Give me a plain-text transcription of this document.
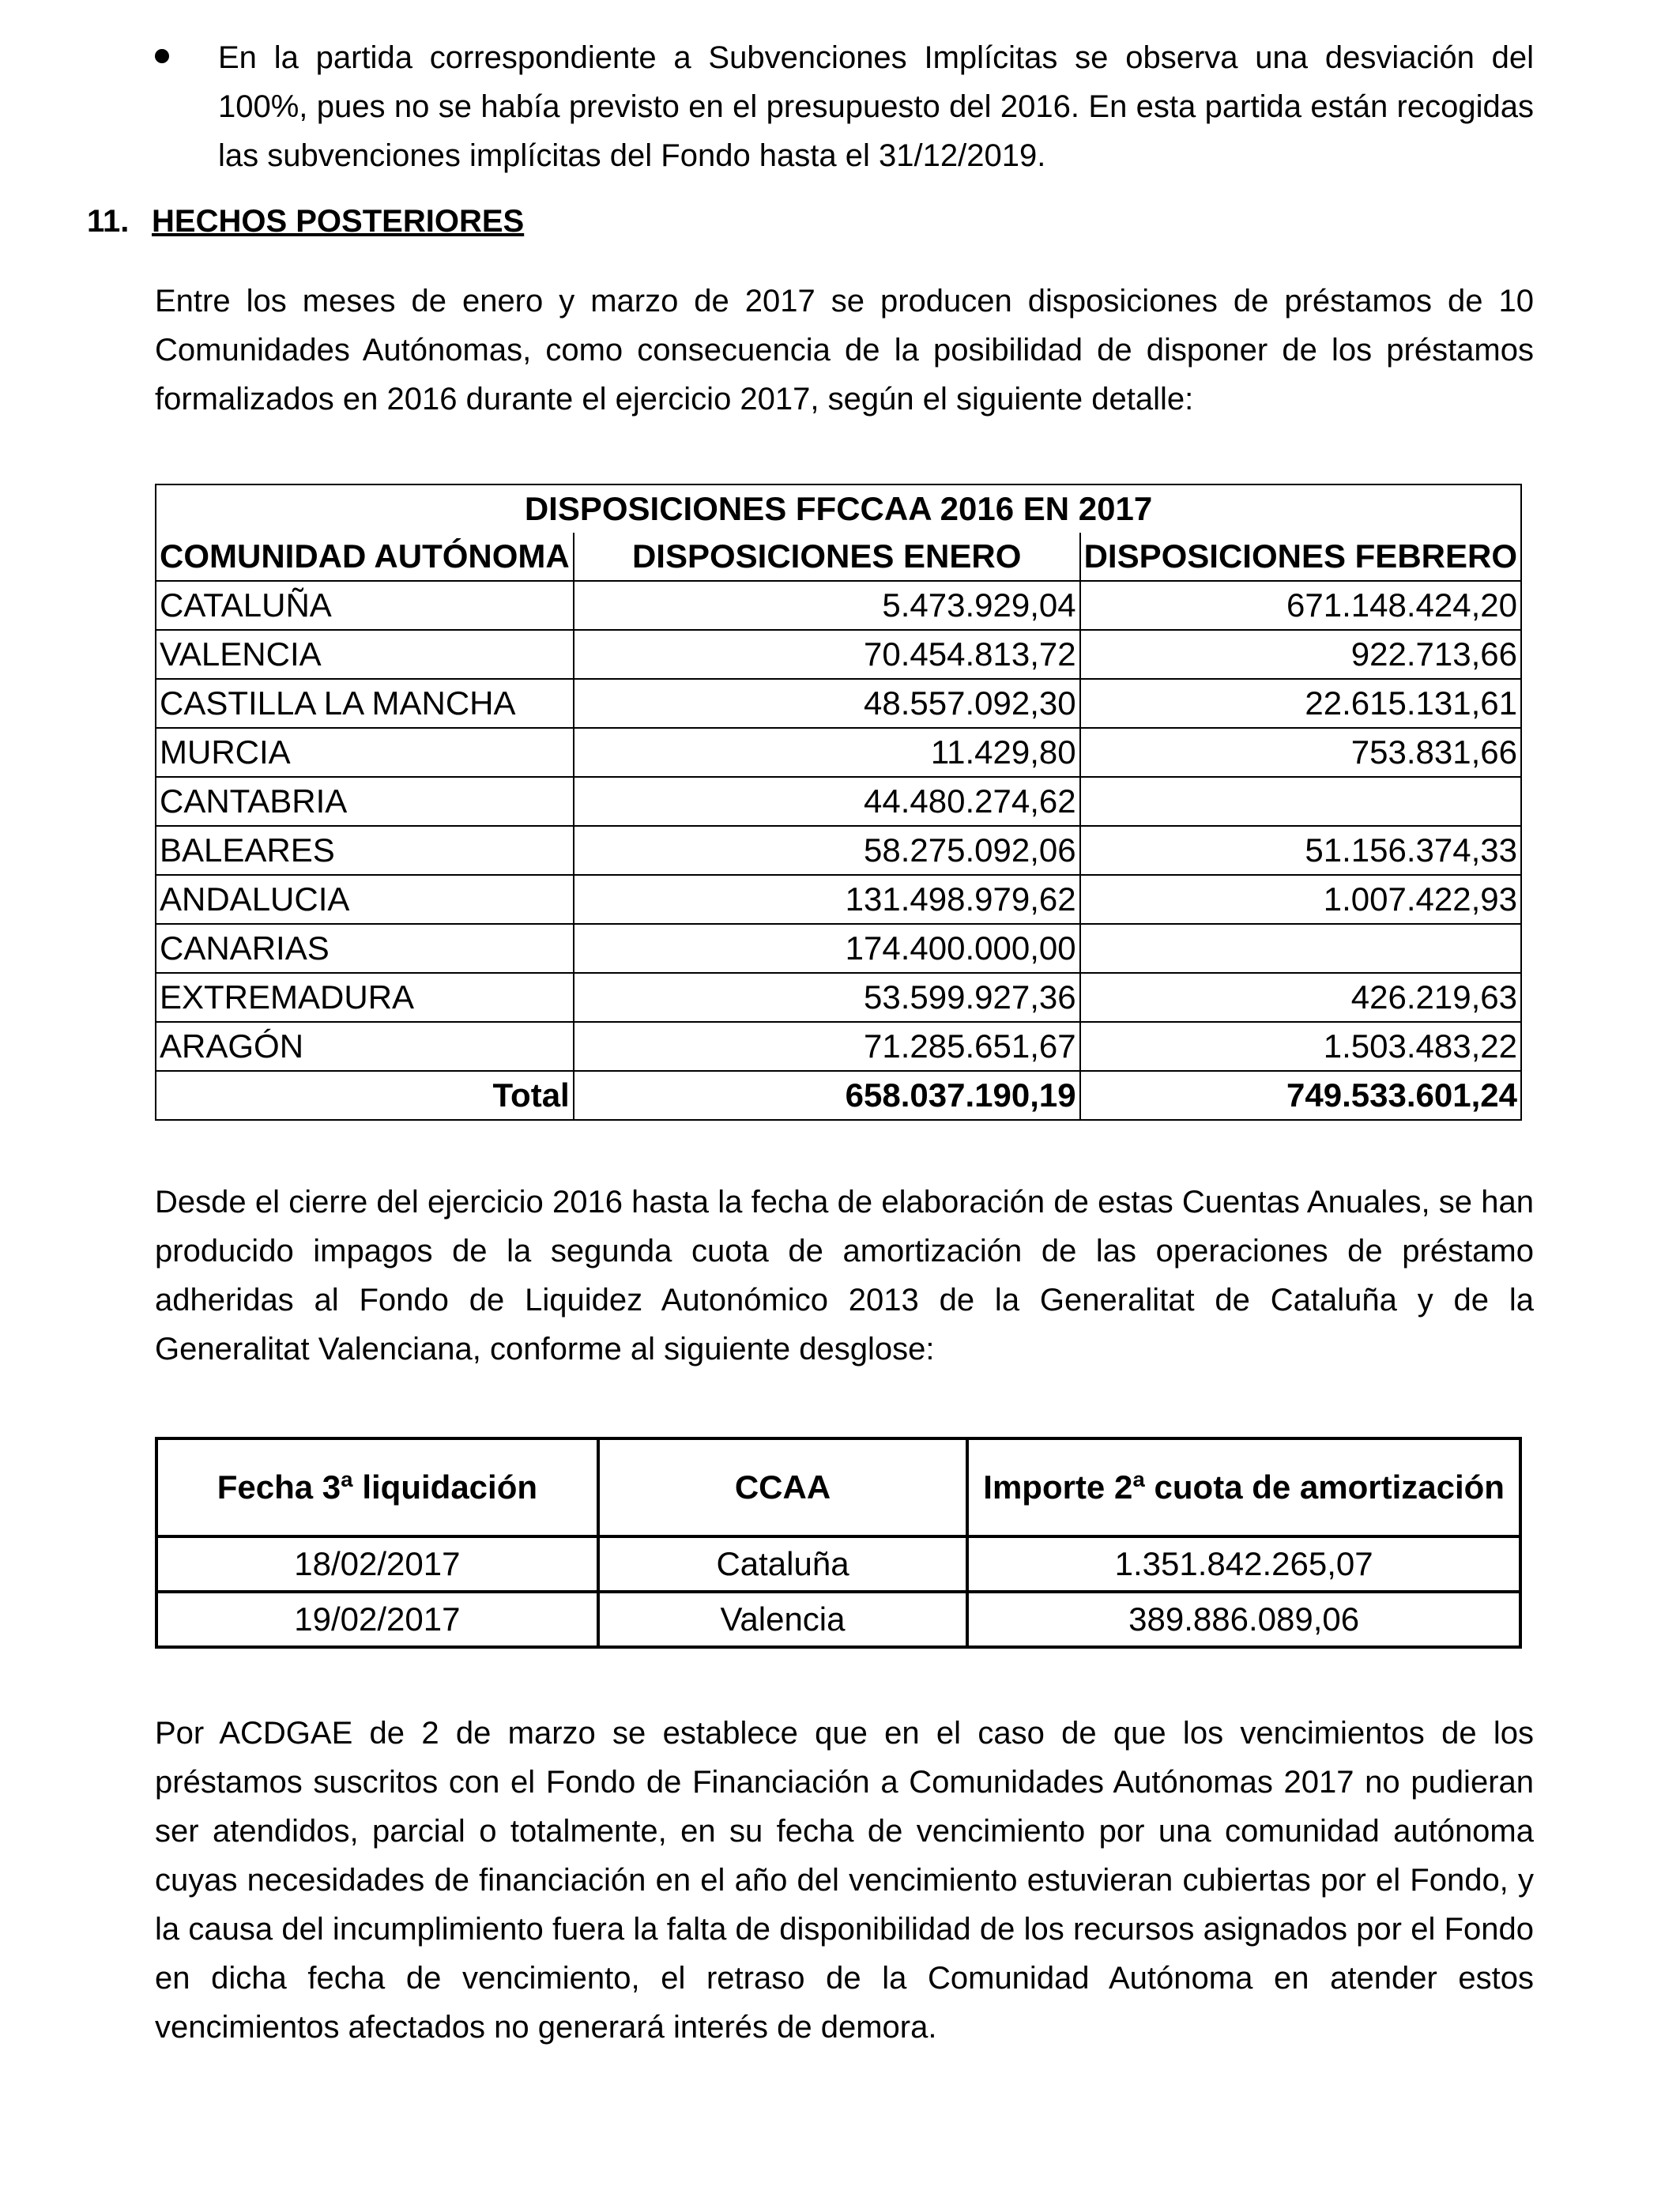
En la partida correspondiente a Subvenciones Implícitas se observa una desviación del 100%, pues no se había previsto en el presupuesto del 2016. En esta partida están recogidas las subvenciones implícitas del Fondo hasta el 31/12/2019.
11. HECHOS POSTERIORES
Entre los meses de enero y marzo de 2017 se producen disposiciones de préstamos de 10 Comunidades Autónomas, como consecuencia de la posibilidad de disponer de los préstamos formalizados en 2016 durante el ejercicio 2017, según el siguiente detalle:
DISPOSICIONES FFCCAA 2016 EN 2017		
COMUNIDAD AUTÓNOMA	DISPOSICIONES ENERO	DISPOSICIONES FEBRERO
CATALUÑA	5.473.929,04	671.148.424,20
VALENCIA	70.454.813,72	922.713,66
CASTILLA LA MANCHA	48.557.092,30	22.615.131,61
MURCIA	11.429,80	753.831,66
CANTABRIA	44.480.274,62	
BALEARES	58.275.092,06	51.156.374,33
ANDALUCIA	131.498.979,62	1.007.422,93
CANARIAS	174.400.000,00	
EXTREMADURA	53.599.927,36	426.219,63
ARAGÓN	71.285.651,67	1.503.483,22
Total	658.037.190,19	749.533.601,24
Desde el cierre del ejercicio 2016 hasta la fecha de elaboración de estas Cuentas Anuales, se han producido impagos de la segunda cuota de amortización de las operaciones de préstamo adheridas al Fondo de Liquidez Autonómico 2013 de la Generalitat de Cataluña y de la Generalitat Valenciana, conforme al siguiente desglose:
Fecha 3ª liquidación	CCAA	Importe 2ª cuota de amortización
18/02/2017	Cataluña	1.351.842.265,07
19/02/2017	Valencia	389.886.089,06
Por ACDGAE de 2 de marzo se establece que en el caso de que los vencimientos de los préstamos suscritos con el Fondo de Financiación a Comunidades Autónomas 2017 no pudieran ser atendidos, parcial o totalmente, en su fecha de vencimiento por una comunidad autónoma cuyas necesidades de financiación en el año del vencimiento estuvieran cubiertas por el Fondo, y la causa del incumplimiento fuera la falta de disponibilidad de los recursos asignados por el Fondo en dicha fecha de vencimiento, el retraso de la Comunidad Autónoma en atender estos vencimientos afectados no generará interés de demora.
